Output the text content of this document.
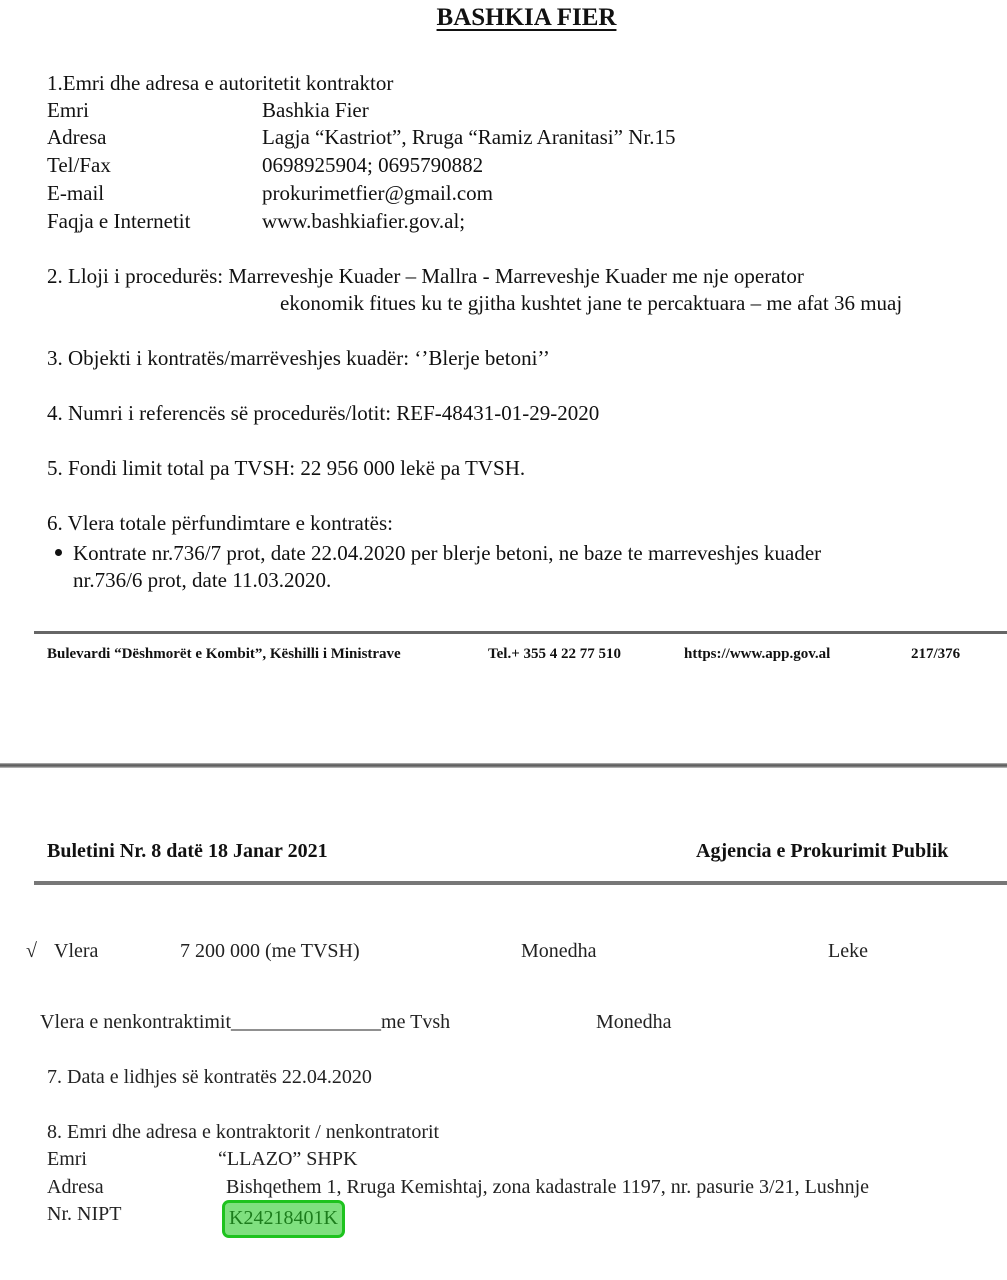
BASHKIA FIER
1.Emri dhe adresa e autoritetit kontraktor
Emri	Bashkia Fier
Adresa	Lagja “Kastriot”, Rruga “Ramiz Aranitasi” Nr.15
Tel/Fax	0698925904; 0695790882
E-mail	prokurimetfier@gmail.com
Faqja e Internetit	www.bashkiafier.gov.al;
2. Lloji i procedurës: Marreveshje Kuader – Mallra - Marreveshje Kuader me nje operator
ekonomik fitues ku te gjitha kushtet jane te percaktuara – me afat 36 muaj
3. Objekti i kontratës/marrëveshjes kuadër: ‘’Blerje betoni’’
4. Numri i referencës së procedurës/lotit: REF-48431-01-29-2020
5. Fondi limit total pa TVSH: 22 956 000 lekë pa TVSH.
6. Vlera totale përfundimtare e kontratës:
Kontrate nr.736/7 prot, date 22.04.2020 per blerje betoni, ne baze te marreveshjes kuader
nr.736/6 prot, date 11.03.2020.
Bulevardi “Dëshmorët e Kombit”, Këshilli i Ministrave	Tel.+ 355 4 22 77 510	https://www.app.gov.al	217/376
Buletini Nr. 8 datë 18 Janar 2021	Agjencia e Prokurimit Publik
√ Vlera	7 200 000 (me TVSH)	Monedha	Leke
Vlera e nenkontraktimit_______________me Tvsh	Monedha
7. Data e lidhjes së kontratës 22.04.2020
8. Emri dhe adresa e kontraktorit / nenkontratorit
Emri	“LLAZO” SHPK
Adresa	Bishqethem 1, Rruga Kemishtaj, zona kadastrale 1197, nr. pasurie 3/21, Lushnje
Nr. NIPT	K24218401K
